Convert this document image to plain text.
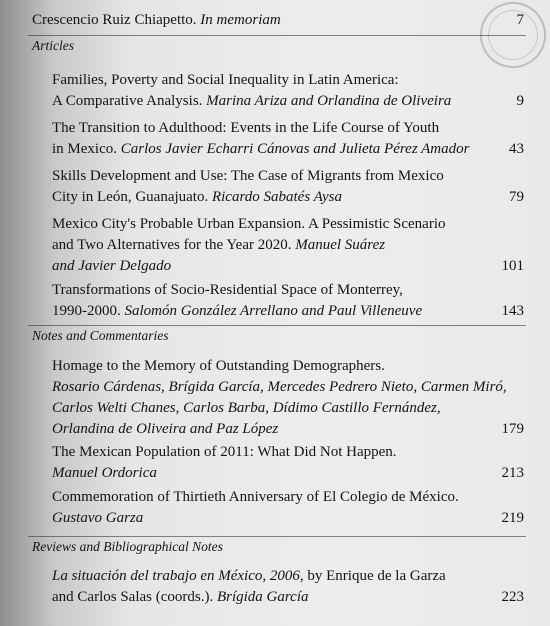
Crescencio Ruiz Chiapetto. In memoriam	7
Articles
Families, Poverty and Social Inequality in Latin America:
A Comparative Analysis. Marina Ariza and Orlandina de Oliveira	9
The Transition to Adulthood: Events in the Life Course of Youth
in Mexico. Carlos Javier Echarri Cánovas and Julieta Pérez Amador	43
Skills Development and Use: The Case of Migrants from Mexico
City in León, Guanajuato. Ricardo Sabatés Aysa	79
Mexico City's Probable Urban Expansion. A Pessimistic Scenario
and Two Alternatives for the Year 2020. Manuel Suárez
and Javier Delgado	101
Transformations of Socio-Residential Space of Monterrey,
1990-2000. Salomón González Arrellano and Paul Villeneuve	143
Notes and Commentaries
Homage to the Memory of Outstanding Demographers.
Rosario Cárdenas, Brígida García, Mercedes Pedrero Nieto, Carmen Miró,
Carlos Welti Chanes, Carlos Barba, Dídimo Castillo Fernández,
Orlandina de Oliveira and Paz López	179
The Mexican Population of 2011: What Did Not Happen.
Manuel Ordorica	213
Commemoration of Thirtieth Anniversary of El Colegio de México.
Gustavo Garza	219
Reviews and Bibliographical Notes
La situación del trabajo en México, 2006, by Enrique de la Garza
and Carlos Salas (coords.). Brígida García	223
